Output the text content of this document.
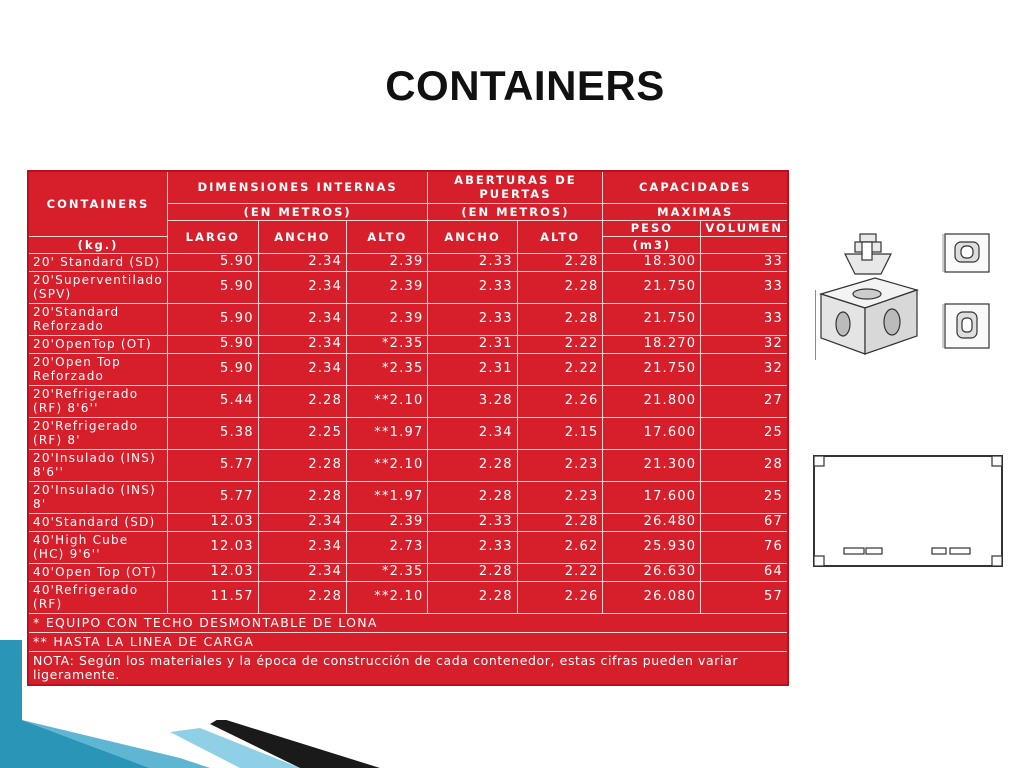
CONTAINERS
CONTAINERS	DIMENSIONES INTERNAS			ABERTURAS DE PUERTAS		CAPACIDADES	
	(EN METROS)			(EN METROS)		MAXIMAS	
	LARGO	ANCHO	ALTO	ANCHO	ALTO	PESO	VOLUMEN
(kg.)						(m3)	
20' Standard (SD)	5.90	2.34	2.39	2.33	2.28	18.300	33
20'Superventilado (SPV)	5.90	2.34	2.39	2.33	2.28	21.750	33
20'Standard Reforzado	5.90	2.34	2.39	2.33	2.28	21.750	33
20'OpenTop (OT)	5.90	2.34	*2.35	2.31	2.22	18.270	32
20'Open Top Reforzado	5.90	2.34	*2.35	2.31	2.22	21.750	32
20'Refrigerado (RF) 8'6''	5.44	2.28	**2.10	3.28	2.26	21.800	27
20'Refrigerado (RF) 8'	5.38	2.25	**1.97	2.34	2.15	17.600	25
20'Insulado (INS) 8'6''	5.77	2.28	**2.10	2.28	2.23	21.300	28
20'Insulado (INS) 8'	5.77	2.28	**1.97	2.28	2.23	17.600	25
40'Standard (SD)	12.03	2.34	2.39	2.33	2.28	26.480	67
40'High Cube (HC) 9'6''	12.03	2.34	2.73	2.33	2.62	25.930	76
40'Open Top (OT)	12.03	2.34	*2.35	2.28	2.22	26.630	64
40'Refrigerado (RF)	11.57	2.28	**2.10	2.28	2.26	26.080	57
* EQUIPO CON TECHO DESMONTABLE DE LONA							
** HASTA LA LINEA DE CARGA							
NOTA: Según los materiales y la época de construcción de cada contenedor, estas cifras pueden variar ligeramente.							
